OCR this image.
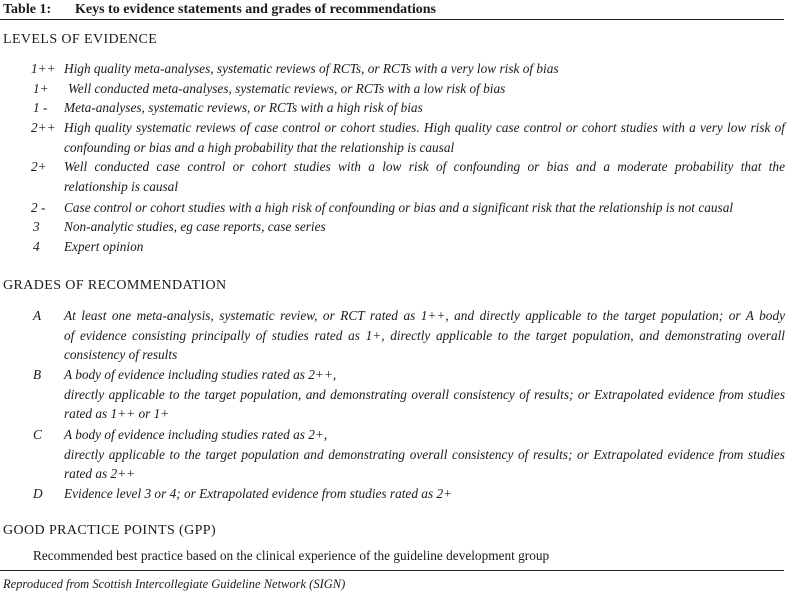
Table 1: Keys to evidence statements and grades of recommendations
LEVELS OF EVIDENCE
1++ High quality meta-analyses, systematic reviews of RCTs, or RCTs with a very low risk of bias
1+ Well conducted meta-analyses, systematic reviews, or RCTs with a low risk of bias
1 - Meta-analyses, systematic reviews, or RCTs with a high risk of bias
2++ High quality systematic reviews of case control or cohort studies. High quality case control or cohort studies with a very low risk of
confounding or bias and a high probability that the relationship is causal
2+ Well conducted case control or cohort studies with a low risk of confounding or bias and a moderate probability that the
relationship is causal
2 - Case control or cohort studies with a high risk of confounding or bias and a significant risk that the relationship is not causal
3 Non-analytic studies, eg case reports, case series
4 Expert opinion
GRADES OF RECOMMENDATION
A At least one meta-analysis, systematic review, or RCT rated as 1++, and directly applicable to the target population; or A body
of evidence consisting principally of studies rated as 1+, directly applicable to the target population, and demonstrating overall
consistency of results
B A body of evidence including studies rated as 2++,
directly applicable to the target population, and demonstrating overall consistency of results; or Extrapolated evidence from studies
rated as 1++ or 1+
C A body of evidence including studies rated as 2+,
directly applicable to the target population and demonstrating overall consistency of results; or Extrapolated evidence from studies
rated as 2++
D Evidence level 3 or 4; or Extrapolated evidence from studies rated as 2+
GOOD PRACTICE POINTS (GPP)
Recommended best practice based on the clinical experience of the guideline development group
Reproduced from Scottish Intercollegiate Guideline Network (SIGN)
